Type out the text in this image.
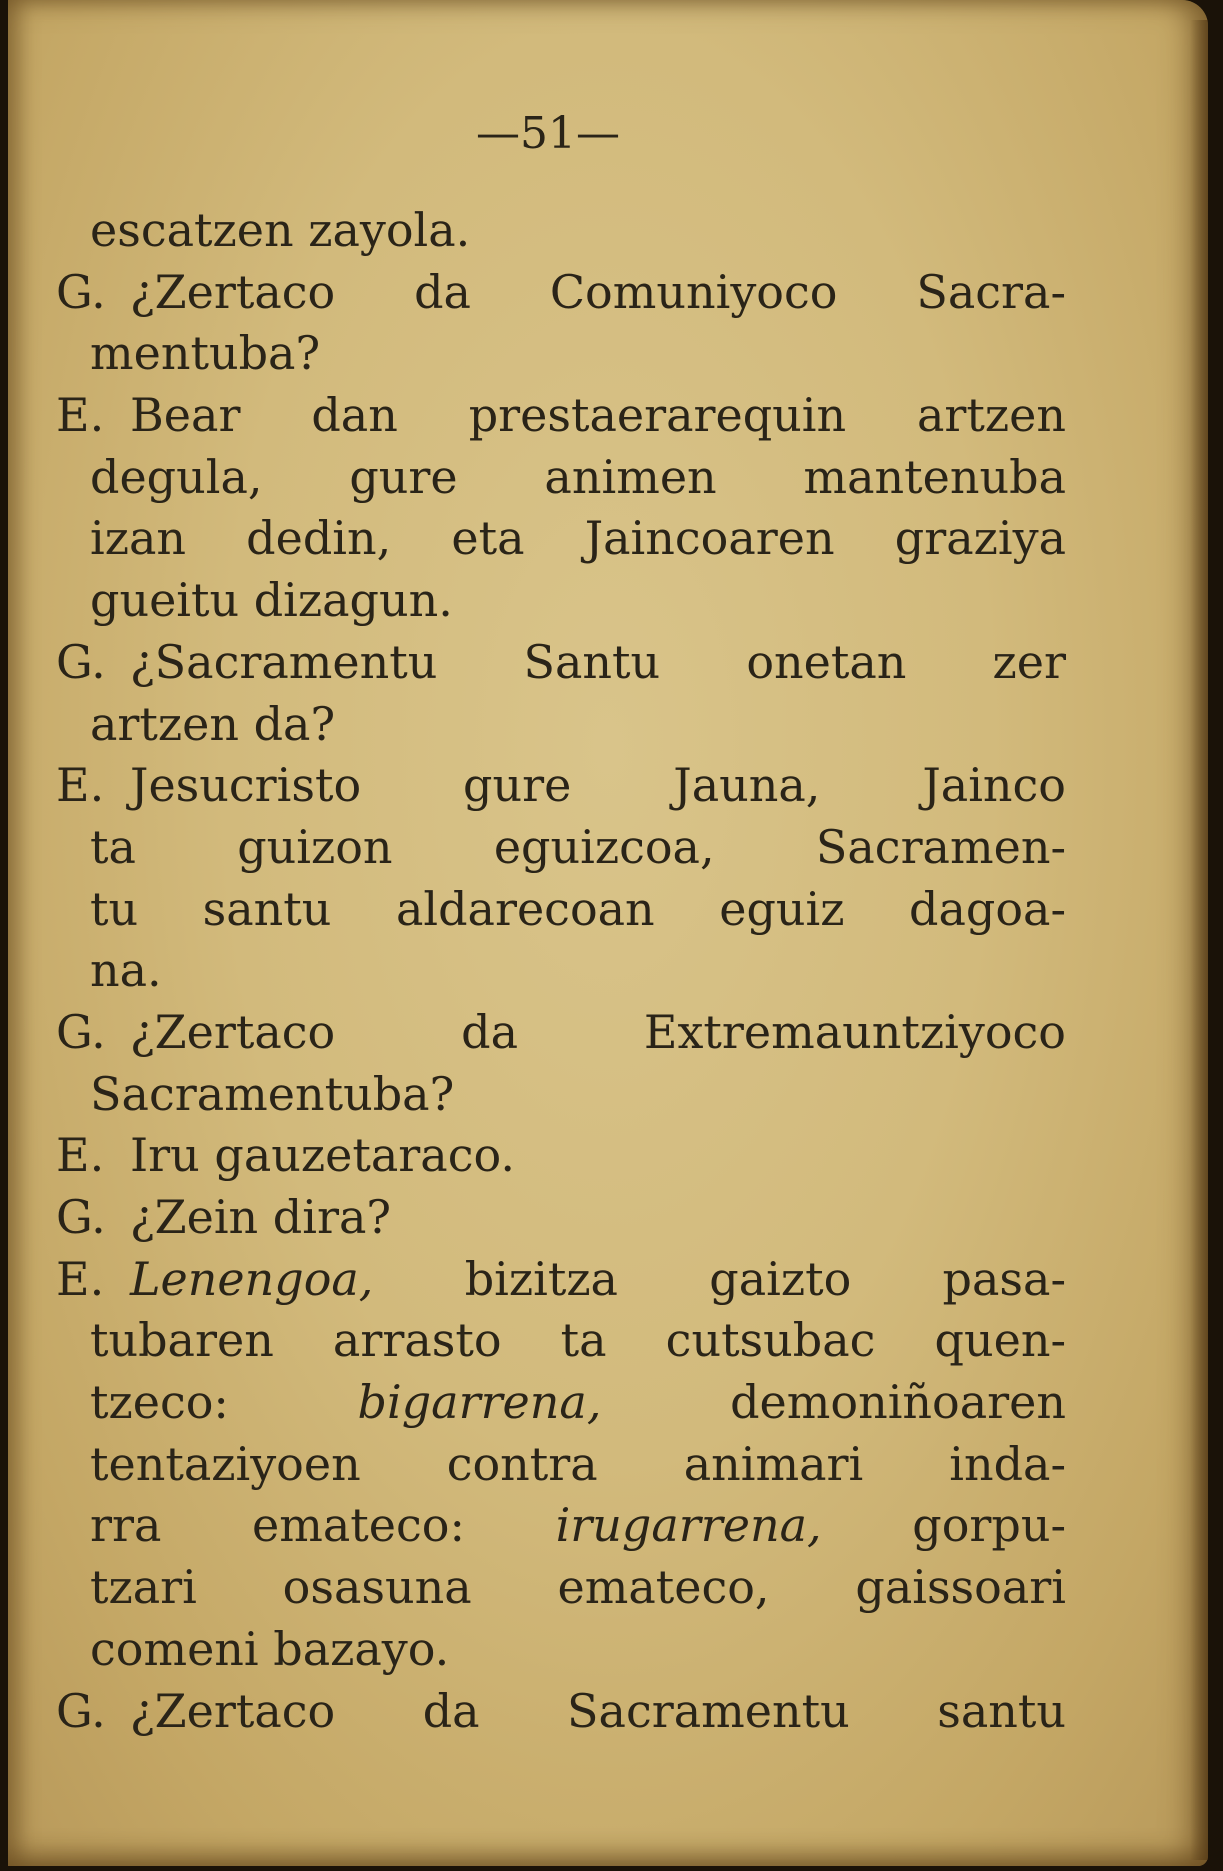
—51—
escatzen zayola.
G. ¿Zertaco da Comuniyoco Sacra-
mentuba?
E. Bear dan prestaerarequin artzen
degula, gure animen mantenuba
izan dedin, eta Jaincoaren graziya
gueitu dizagun.
G. ¿Sacramentu Santu onetan zer
artzen da?
E. Jesucristo gure Jauna, Jainco
ta guizon eguizcoa, Sacramen-
tu santu aldarecoan eguiz dagoa-
na.
G. ¿Zertaco da Extremauntziyoco
Sacramentuba?
E. Iru gauzetaraco.
G. ¿Zein dira?
E. Lenengoa, bizitza gaizto pasa-
tubaren arrasto ta cutsubac quen-
tzeco: bigarrena, demoniñoaren
tentaziyoen contra animari inda-
rra emateco: irugarrena, gorpu-
tzari osasuna emateco, gaissoari
comeni bazayo.
G. ¿Zertaco da Sacramentu santu
